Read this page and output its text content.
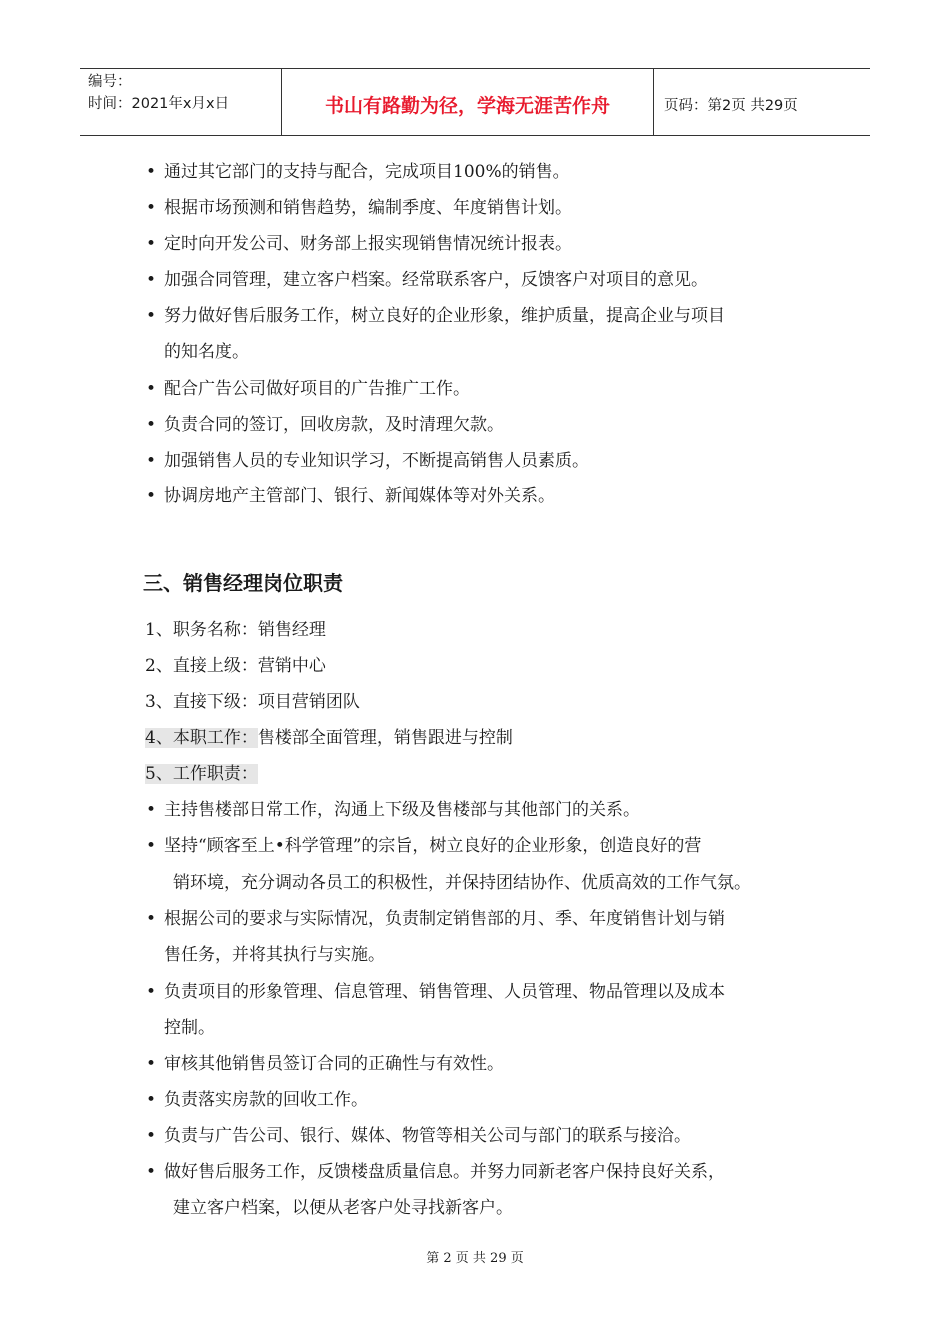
编号：
时间：2021年x月x日	书山有路勤为径，学海无涯苦作舟	页码：第2页 共29页
• 通过其它部门的支持与配合，完成项目100%的销售。
• 根据市场预测和销售趋势，编制季度、年度销售计划。
• 定时向开发公司、财务部上报实现销售情况统计报表。
• 加强合同管理，建立客户档案。经常联系客户，反馈客户对项目的意见。
• 努力做好售后服务工作，树立良好的企业形象，维护质量，提高企业与项目
的知名度。
• 配合广告公司做好项目的广告推广工作。
• 负责合同的签订，回收房款，及时清理欠款。
• 加强销售人员的专业知识学习，不断提高销售人员素质。
• 协调房地产主管部门、银行、新闻媒体等对外关系。
三、销售经理岗位职责
1、职务名称：销售经理
2、直接上级：营销中心
3、直接下级：项目营销团队
4、本职工作：售楼部全面管理，销售跟进与控制
5、工作职责：
• 主持售楼部日常工作，沟通上下级及售楼部与其他部门的关系。
• 坚持“顾客至上•科学管理”的宗旨，树立良好的企业形象，创造良好的营
销环境，充分调动各员工的积极性，并保持团结协作、优质高效的工作气氛。
• 根据公司的要求与实际情况，负责制定销售部的月、季、年度销售计划与销
售任务，并将其执行与实施。
• 负责项目的形象管理、信息管理、销售管理、人员管理、物品管理以及成本
控制。
• 审核其他销售员签订合同的正确性与有效性。
• 负责落实房款的回收工作。
• 负责与广告公司、银行、媒体、物管等相关公司与部门的联系与接洽。
• 做好售后服务工作，反馈楼盘质量信息。并努力同新老客户保持良好关系，
建立客户档案，以便从老客户处寻找新客户。
第 2 页 共 29 页
